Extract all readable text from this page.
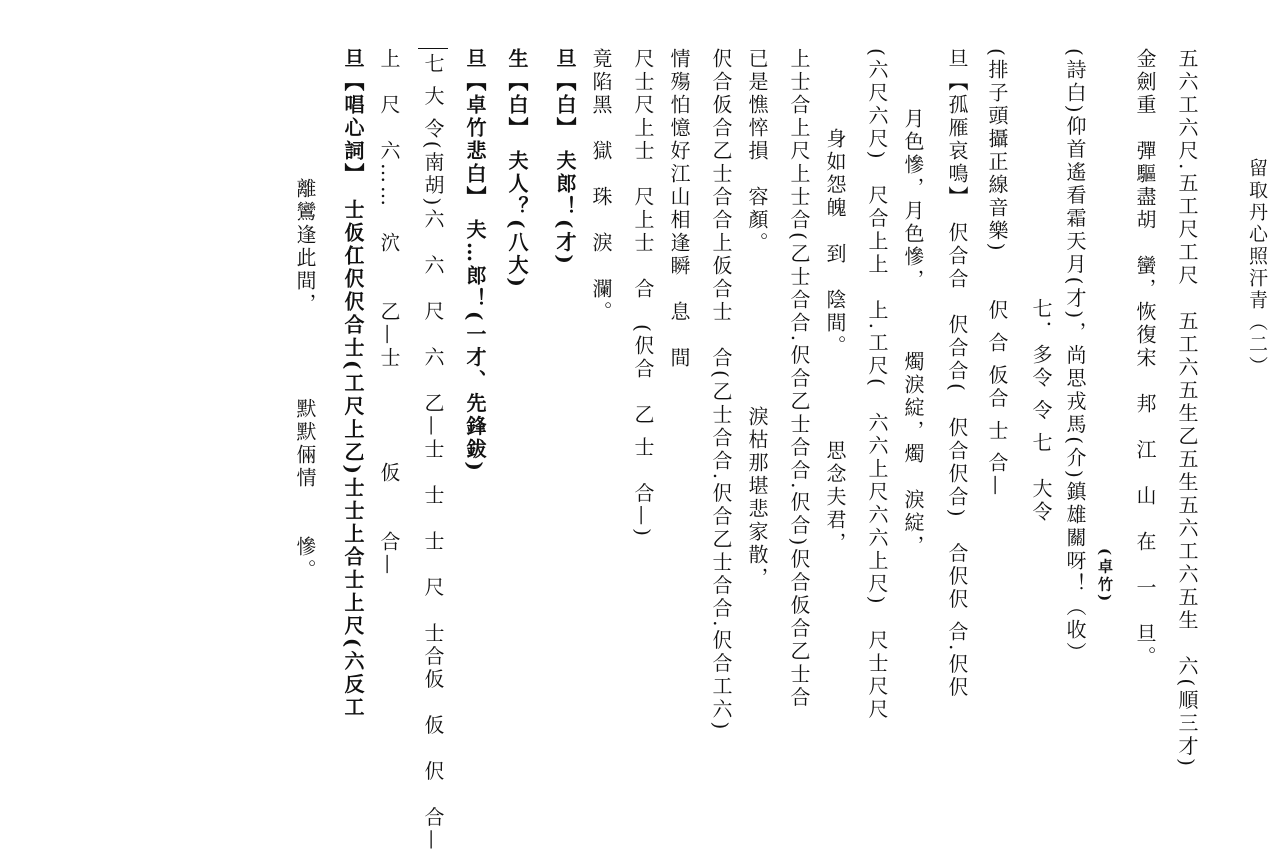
留取丹心照汗青（二）
五六工六尺.五工尺工尺　五工六五生乙五生五六工六五生　六(順三才)
金劍重　彈驅盡胡　蠻，恢復宋　邦　江　山　在　一　旦。
(卓竹)
(詩白)仰首遙看霜天月(才)，尚思戎馬(介)鎮雄關呀！（收）
七．多令 令 七　大令
(排子頭攝正線音樂)　　伬 合 仮合 士 合—
旦【孤雁哀鳴】　伬合合　伬合合(　伬合伬合)　合伬伬 合.伬伬
月色慘，月色慘，　　　燭淚綻，燭　淚綻，
(六尺六尺)　尺合上上　上.工尺(　六六上尺六六上尺)　尺士尺尺
身如怨魄　到　陰間。　　　　思念夫君，
上士合上尺上士合(乙士合合.伬合乙士合合.伬合)伬合仮合乙士合
已是憔悴損　容顏。　　　　　　　淚枯那堪悲家散，
伬合仮合乙士合合上仮合士　合(乙士合合.伬合乙士合合.伬合工六)
情殤怕憶好江山相逢瞬　息　間
尺士尺上士　尺上士　合　(伬合　乙 士　合—)
竟陷黑　獄　珠　淚　瀾。
旦【白】 夫郎！(才)
生【白】 夫人？(八大)
旦【卓竹悲白】 夫…郎！(一才、先鋒鈸)
七 大 令(南胡)六　六　尺　六　乙—士　士　士　尺　士合仮　仮　伬　合—
上　尺　六……　泬　　乙—士　　　　仮　　合—
旦【唱心詞】　士仮仜伬伬合士(工尺上乙)士士上合士上尺(六反工
離鸞逢此間，　　　　默默倆情　　慘。
